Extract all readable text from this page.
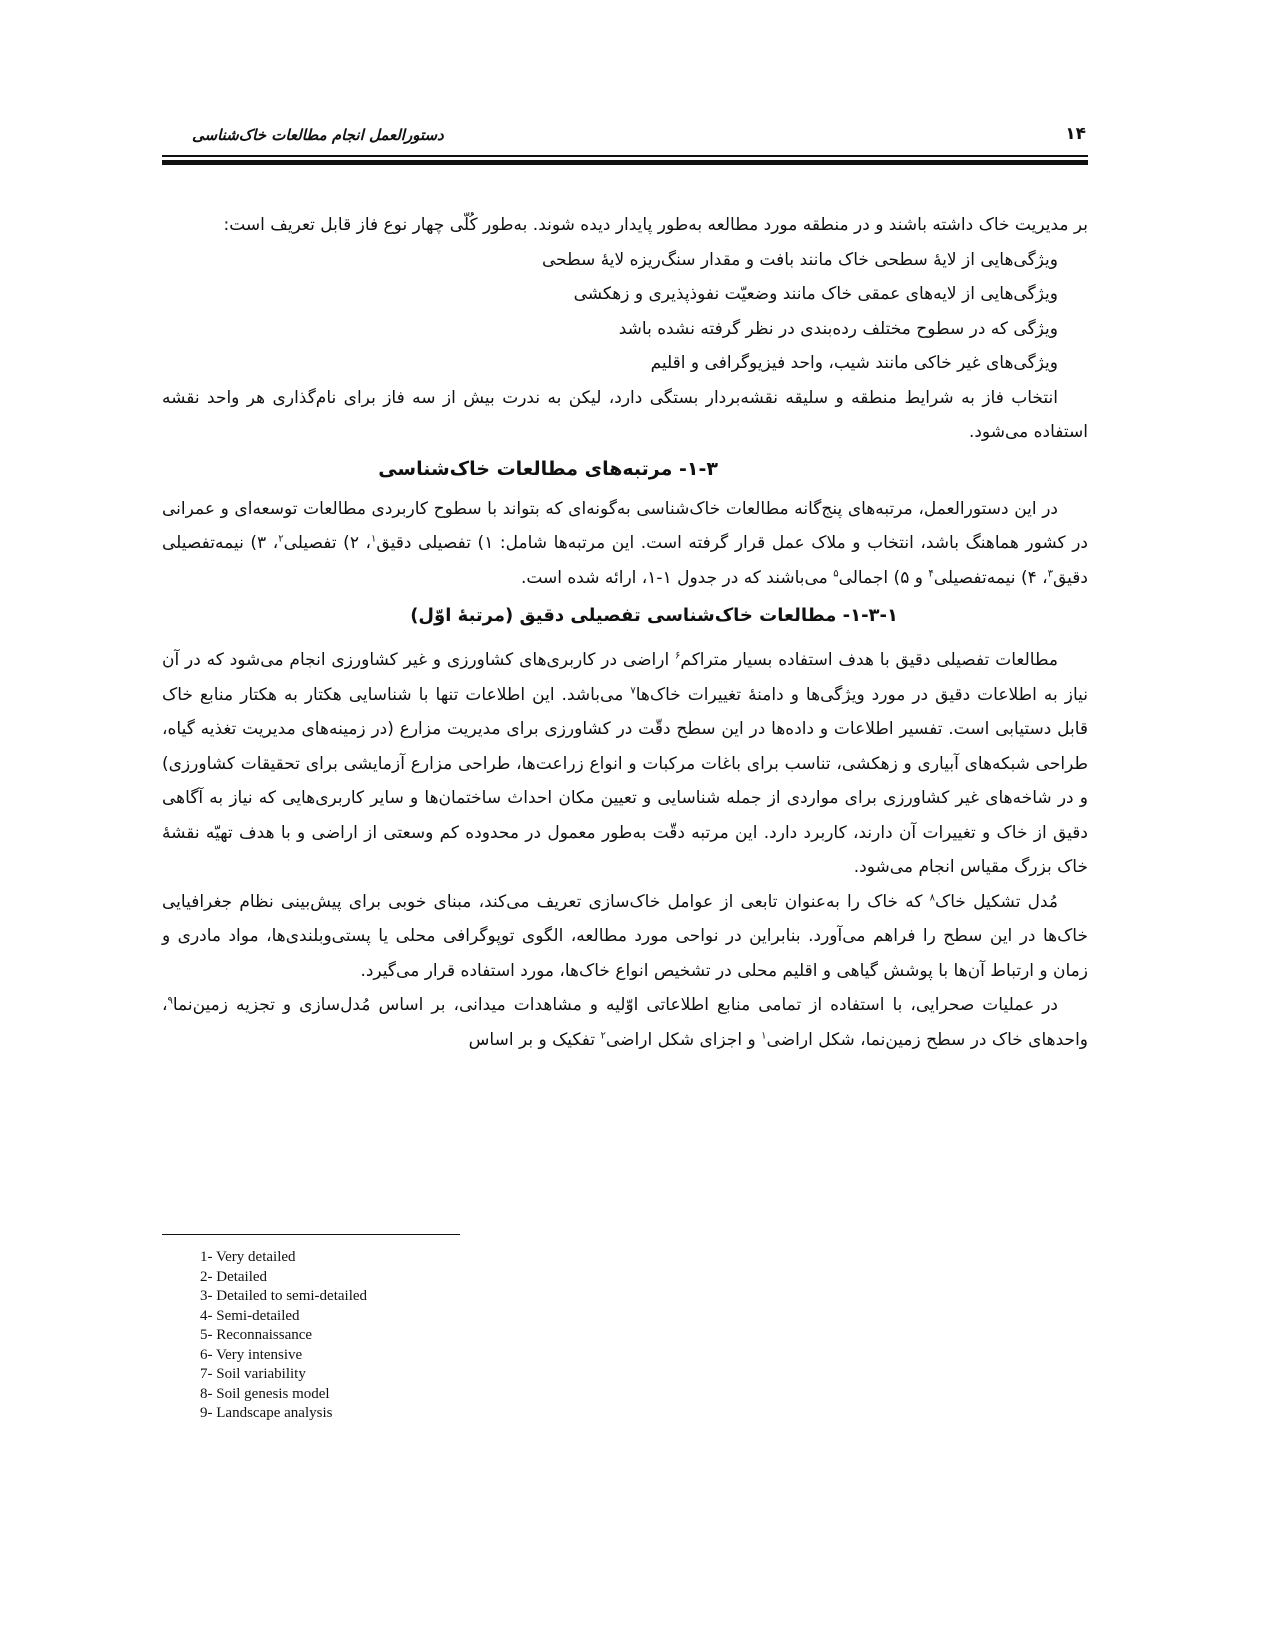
دستورالعمل انجام مطالعات خاک‌شناسی	۱۴

بر مدیریت خاک داشته باشند و در منطقه مورد مطالعه به‌طور پایدار دیده شوند. به‌طور کُلّی چهار نوع فاز قابل تعریف است:

ویژگی‌هایی از لایهٔ سطحی خاک مانند بافت و مقدار سنگ‌ریزه لایهٔ سطحی
ویژگی‌هایی از لایه‌های عمقی خاک مانند وضعیّت نفوذپذیری و زهکشی
ویژگی که در سطوح مختلف رده‌بندی در نظر گرفته نشده باشد
ویژگی‌های غیر خاکی مانند شیب، واحد فیزیوگرافی و اقلیم

انتخاب فاز به شرایط منطقه و سلیقه نقشه‌بردار بستگی دارد، لیکن به ندرت بیش از سه فاز برای نام‌گذاری هر واحد نقشه استفاده می‌شود.

۱-۳- مرتبه‌های مطالعات خاک‌شناسی

در این دستورالعمل، مرتبه‌های پنج‌گانه مطالعات خاک‌شناسی به‌گونه‌ای که بتواند با سطوح کاربردی مطالعات توسعه‌ای و عمرانی در کشور هماهنگ باشد، انتخاب و ملاک عمل قرار گرفته است. این مرتبه‌ها شامل: ۱) تفصیلی دقیق$^۱$، ۲) تفصیلی$^۲$، ۳) نیمه‌تفصیلی دقیق$^۳$، ۴) نیمه‌تفصیلی$^۴$ و ۵) اجمالی$^۵$ می‌باشند که در جدول ۱-۱، ارائه شده است.

۱-۳-۱- مطالعات خاک‌شناسی تفصیلی دقیق (مرتبهٔ اوّل)

مطالعات تفصیلی دقیق با هدف استفاده بسیار متراکم$^۶$ اراضی در کاربری‌های کشاورزی و غیر کشاورزی انجام می‌شود که در آن نیاز به اطلاعات دقیق در مورد ویژگی‌ها و دامنهٔ تغییرات خاک‌ها$^۷$ می‌باشد. این اطلاعات تنها با شناسایی هکتار به هکتار منابع خاک قابل دستیابی است. تفسیر اطلاعات و داده‌ها در این سطح دقّت در کشاورزی برای مدیریت مزارع (در زمینه‌های مدیریت تغذیه گیاه، طراحی شبکه‌های آبیاری و زهکشی، تناسب برای باغات مرکبات و انواع زراعت‌ها، طراحی مزارع آزمایشی برای تحقیقات کشاورزی) و در شاخه‌های غیر کشاورزی برای مواردی از جمله شناسایی و تعیین مکان احداث ساختمان‌ها و سایر کاربری‌هایی که نیاز به آگاهی دقیق از خاک و تغییرات آن دارند، کاربرد دارد. این مرتبه دقّت به‌طور معمول در محدوده کم وسعتی از اراضی و با هدف تهیّه نقشهٔ خاک بزرگ مقیاس انجام می‌شود.

مُدل تشکیل خاک$^۸$ که خاک را به‌عنوان تابعی از عوامل خاک‌سازی تعریف می‌کند، مبنای خوبی برای پیش‌بینی نظام جغرافیایی خاک‌ها در این سطح را فراهم می‌آورد. بنابراین در نواحی مورد مطالعه، الگوی توپوگرافی محلی یا پستی‌وبلندی‌ها، مواد مادری و زمان و ارتباط آن‌ها با پوشش گیاهی و اقلیم محلی در تشخیص انواع خاک‌ها، مورد استفاده قرار می‌گیرد.

در عملیات صحرایی، با استفاده از تمامی منابع اطلاعاتی اوّلیه و مشاهدات میدانی، بر اساس مُدل‌سازی و تجزیه زمین‌نما$^۹$، واحدهای خاک در سطح زمین‌نما، شکل اراضی$^۱$ و اجزای شکل اراضی$^۲$ تفکیک و بر اساس

1- Very detailed
2- Detailed
3- Detailed to semi-detailed
4- Semi-detailed
5- Reconnaissance
6- Very intensive
7- Soil variability
8- Soil genesis model
9- Landscape analysis
